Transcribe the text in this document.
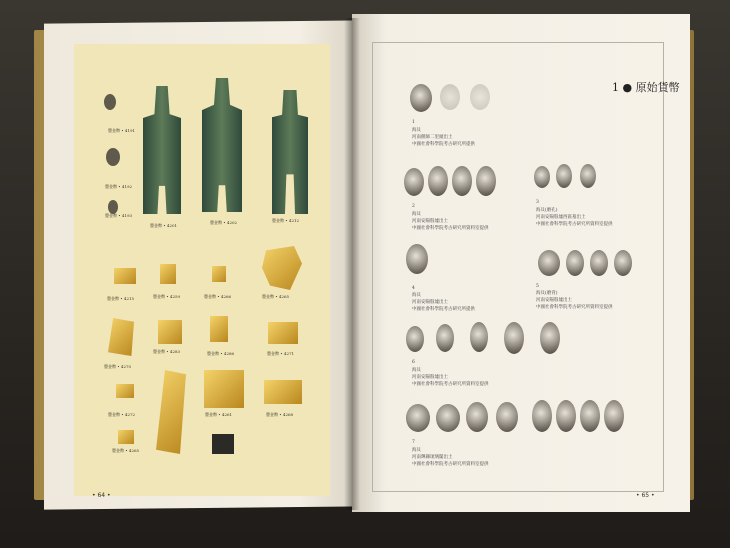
豐金幣 • 4191
豐金幣 • 4192
豐金幣 • 4193
豐金幣 • 4201
豐金幣 • 4202	豐金幣 • 4212
豐金幣 • 4215	豐金幣 • 4259	豐金幣 • 4266	豐金幣 • 4265
豐金幣 • 4270
豐金幣 • 4283	豐金幣 • 4286	豐金幣 • 4271
豐金幣 • 4272	豐金幣 • 4261	豐金幣 • 4268
豐金幣 • 4265
• 64 •
1 ● 原始貨幣
1
海貝
河南偃師二里頭出土
中國社會科學院考古研究所提供
2
海貝
河南安陽殷墟出土
中國社會科學院考古研究所資料室提供
3
海貝(磨孔)
河南安陽殷墟西區墓出土
中國社會科學院考古研究所資料室提供
4
海貝
河南安陽殷墟出土
中國社會科學院考古研究所提供
5
海貝(磨背)
河南安陽殷墟出土
中國社會科學院考古研究所資料室提供
6
海貝
河南安陽殷墟出土
中國社會科學院考古研究所資料室提供
7
海貝
河南輝縣琉璃閣出土
中國社會科學院考古研究所資料室提供
• 65 •
